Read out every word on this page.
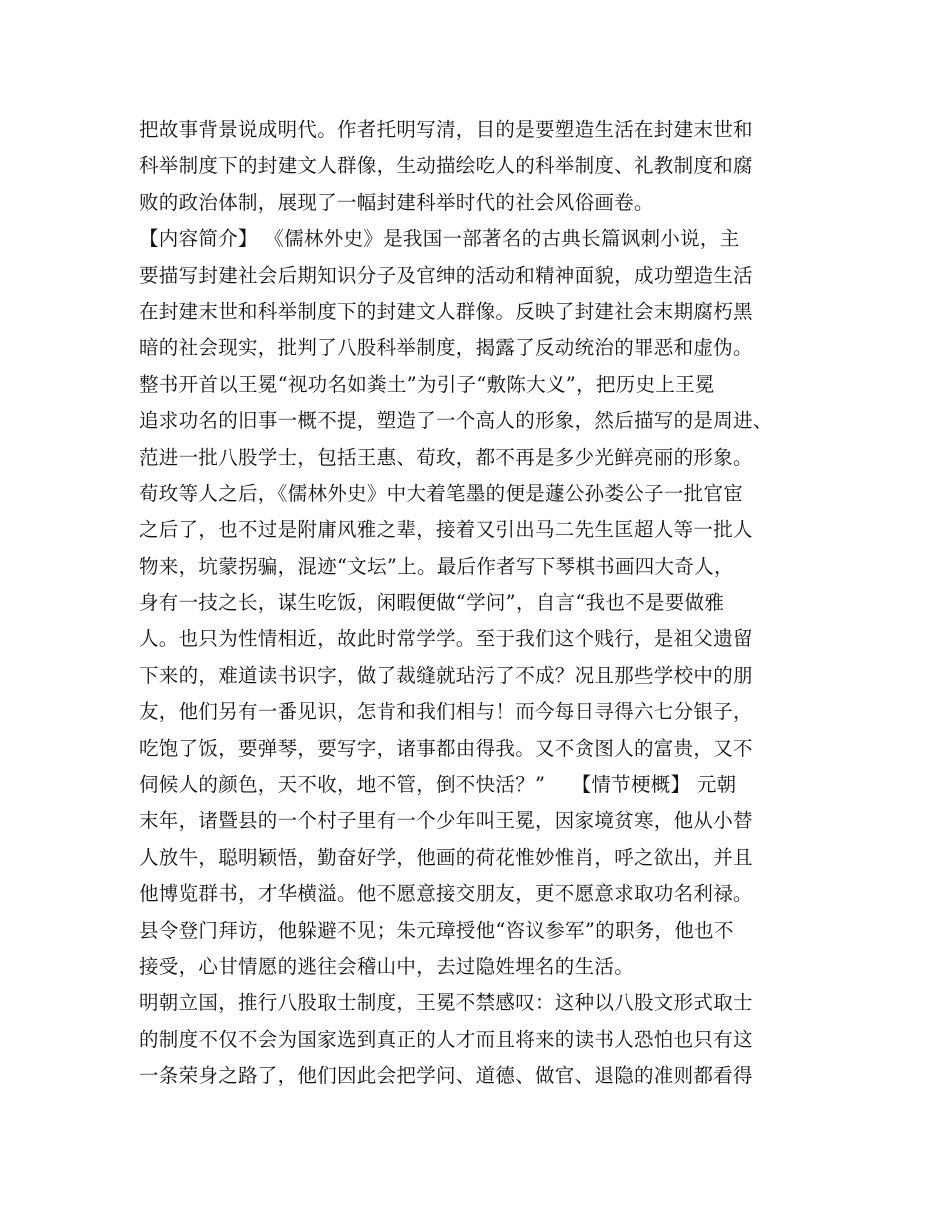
把故事背景说成明代。作者托明写清，目的是要塑造生活在封建末世和
科举制度下的封建文人群像，生动描绘吃人的科举制度、礼教制度和腐
败的政治体制，展现了一幅封建科举时代的社会风俗画卷。
【内容简介】 《儒林外史》是我国一部著名的古典长篇讽刺小说，主
要描写封建社会后期知识分子及官绅的活动和精神面貌，成功塑造生活
在封建末世和科举制度下的封建文人群像。反映了封建社会末期腐朽黑
暗的社会现实，批判了八股科举制度，揭露了反动统治的罪恶和虚伪。
整书开首以王冕“视功名如粪土”为引子“敷陈大义”，把历史上王冕
追求功名的旧事一概不提，塑造了一个高人的形象，然后描写的是周进、
范进一批八股学士，包括王惠、荀玫，都不再是多少光鲜亮丽的形象。
荀玫等人之后，《儒林外史》中大着笔墨的便是蘧公孙娄公子一批官宦
之后了，也不过是附庸风雅之辈，接着又引出马二先生匡超人等一批人
物来，坑蒙拐骗，混迹“文坛”上。最后作者写下琴棋书画四大奇人，
身有一技之长，谋生吃饭，闲暇便做“学问”，自言“我也不是要做雅
人。也只为性情相近，故此时常学学。至于我们这个贱行，是祖父遗留
下来的，难道读书识字，做了裁缝就玷污了不成？况且那些学校中的朋
友，他们另有一番见识，怎肯和我们相与！而今每日寻得六七分银子，
吃饱了饭，要弹琴，要写字，诸事都由得我。又不贪图人的富贵，又不
伺候人的颜色，天不收，地不管，倒不快活？”　 【情节梗概】 元朝
末年，诸暨县的一个村子里有一个少年叫王冕，因家境贫寒，他从小替
人放牛，聪明颖悟，勤奋好学，他画的荷花惟妙惟肖，呼之欲出，并且
他博览群书，才华横溢。他不愿意接交朋友，更不愿意求取功名利禄。
县令登门拜访，他躲避不见；朱元璋授他“咨议参军”的职务，他也不
接受，心甘情愿的逃往会稽山中，去过隐姓埋名的生活。
明朝立国，推行八股取士制度，王冕不禁感叹：这种以八股文形式取士
的制度不仅不会为国家选到真正的人才而且将来的读书人恐怕也只有这
一条荣身之路了，他们因此会把学问、道德、做官、退隐的准则都看得
